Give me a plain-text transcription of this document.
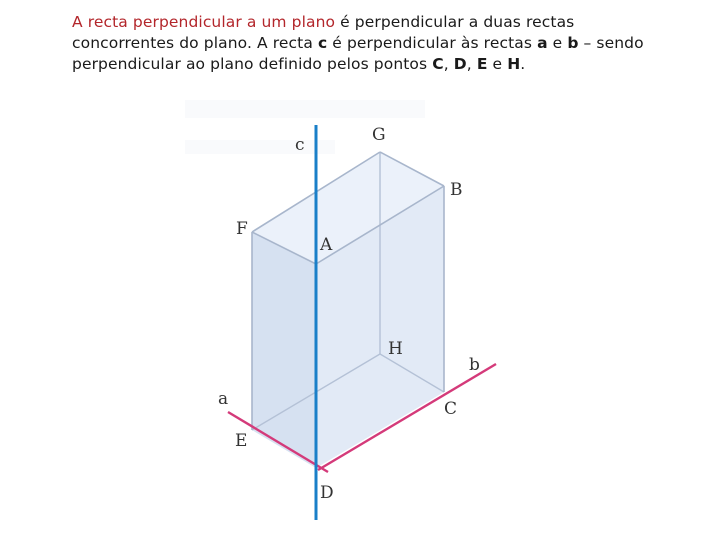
A recta perpendicular a um plano é perpendicular a duas rectas concorrentes do plano. A recta c é perpendicular às rectas a e b – sendo perpendicular ao plano definido pelos pontos C, D, E e H.
G
c
B
F
A
H
b
a	C
E
D
